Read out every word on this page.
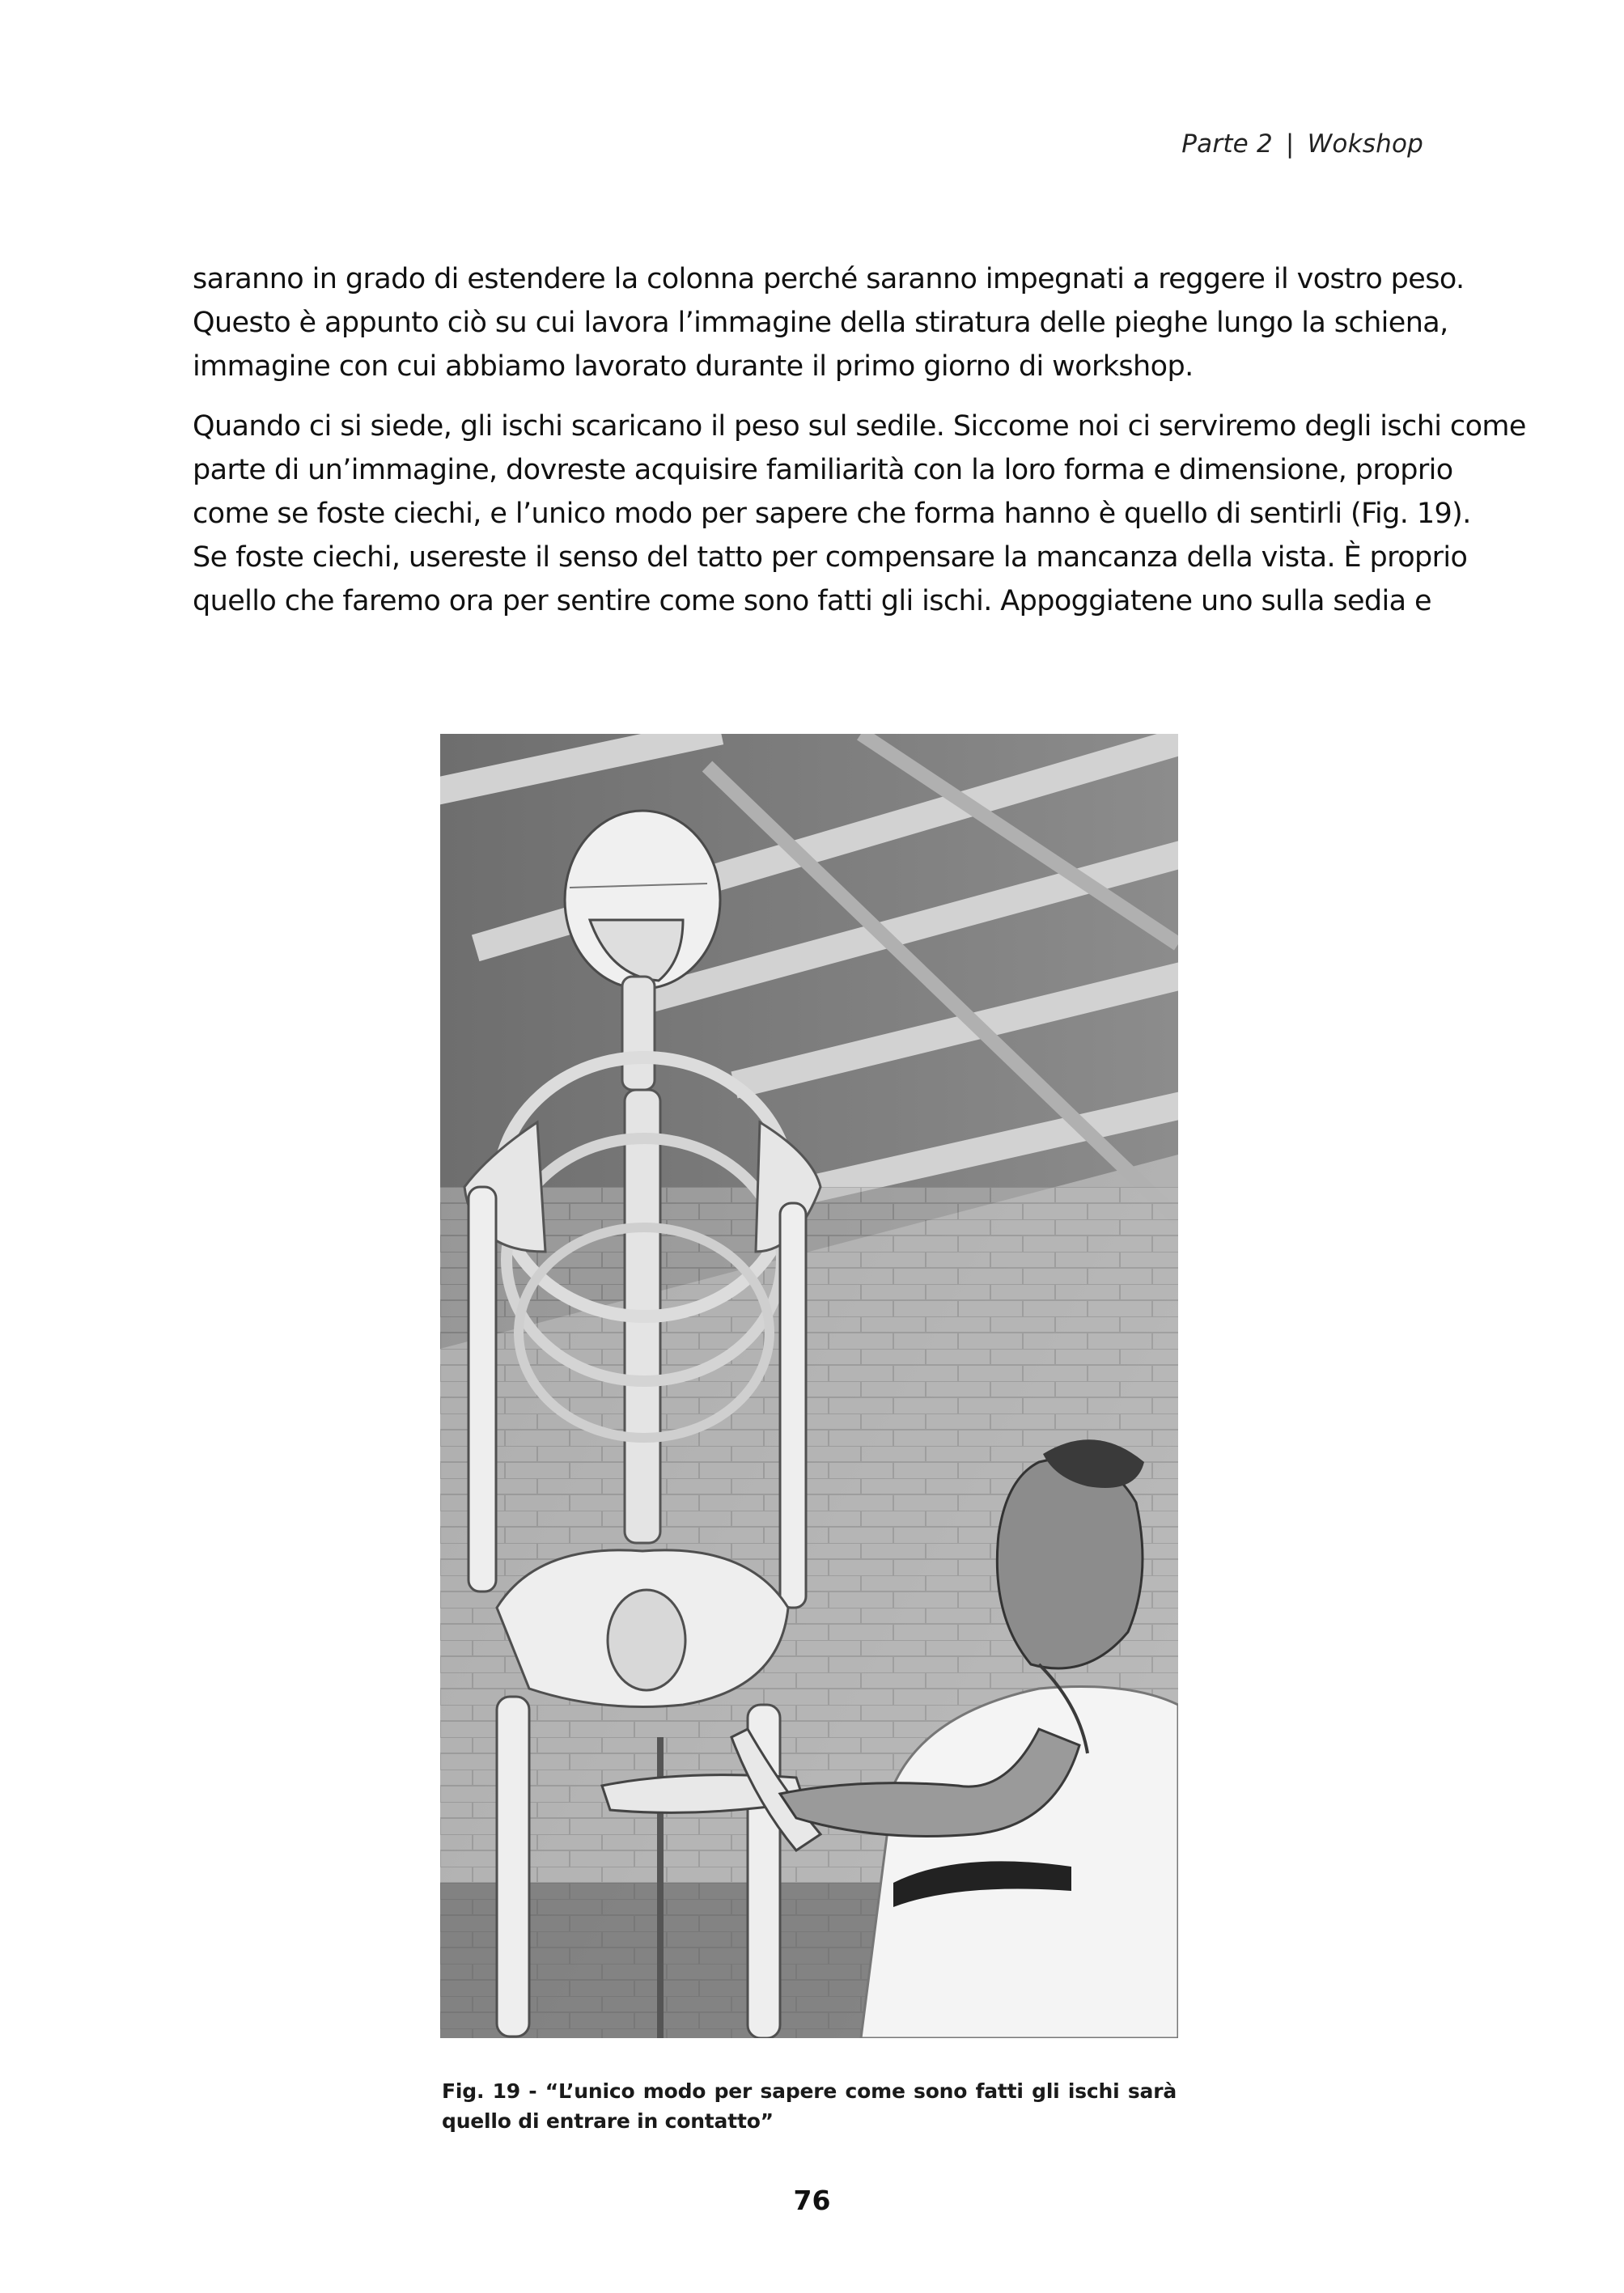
Parte 2 | Wokshop
saranno in grado di estendere la colonna perché saranno impegnati a reggere il vostro peso.
Questo è appunto ciò su cui lavora l’immagine della stiratura delle pieghe lungo la schiena,
immagine con cui abbiamo lavorato durante il primo giorno di workshop.
Quando ci si siede, gli ischi scaricano il peso sul sedile. Siccome noi ci serviremo degli ischi come
parte di un’immagine, dovreste acquisire familiarità con la loro forma e dimensione, proprio
come se foste ciechi, e l’unico modo per sapere che forma hanno è quello di sentirli (Fig. 19).
Se foste ciechi, usereste il senso del tatto per compensare la mancanza della vista. È proprio
quello che faremo ora per sentire come sono fatti gli ischi. Appoggiatene uno sulla sedia e
Fig. 19 - “L’unico modo per sapere come sono fatti gli ischi sarà
quello di entrare in contatto”
76
